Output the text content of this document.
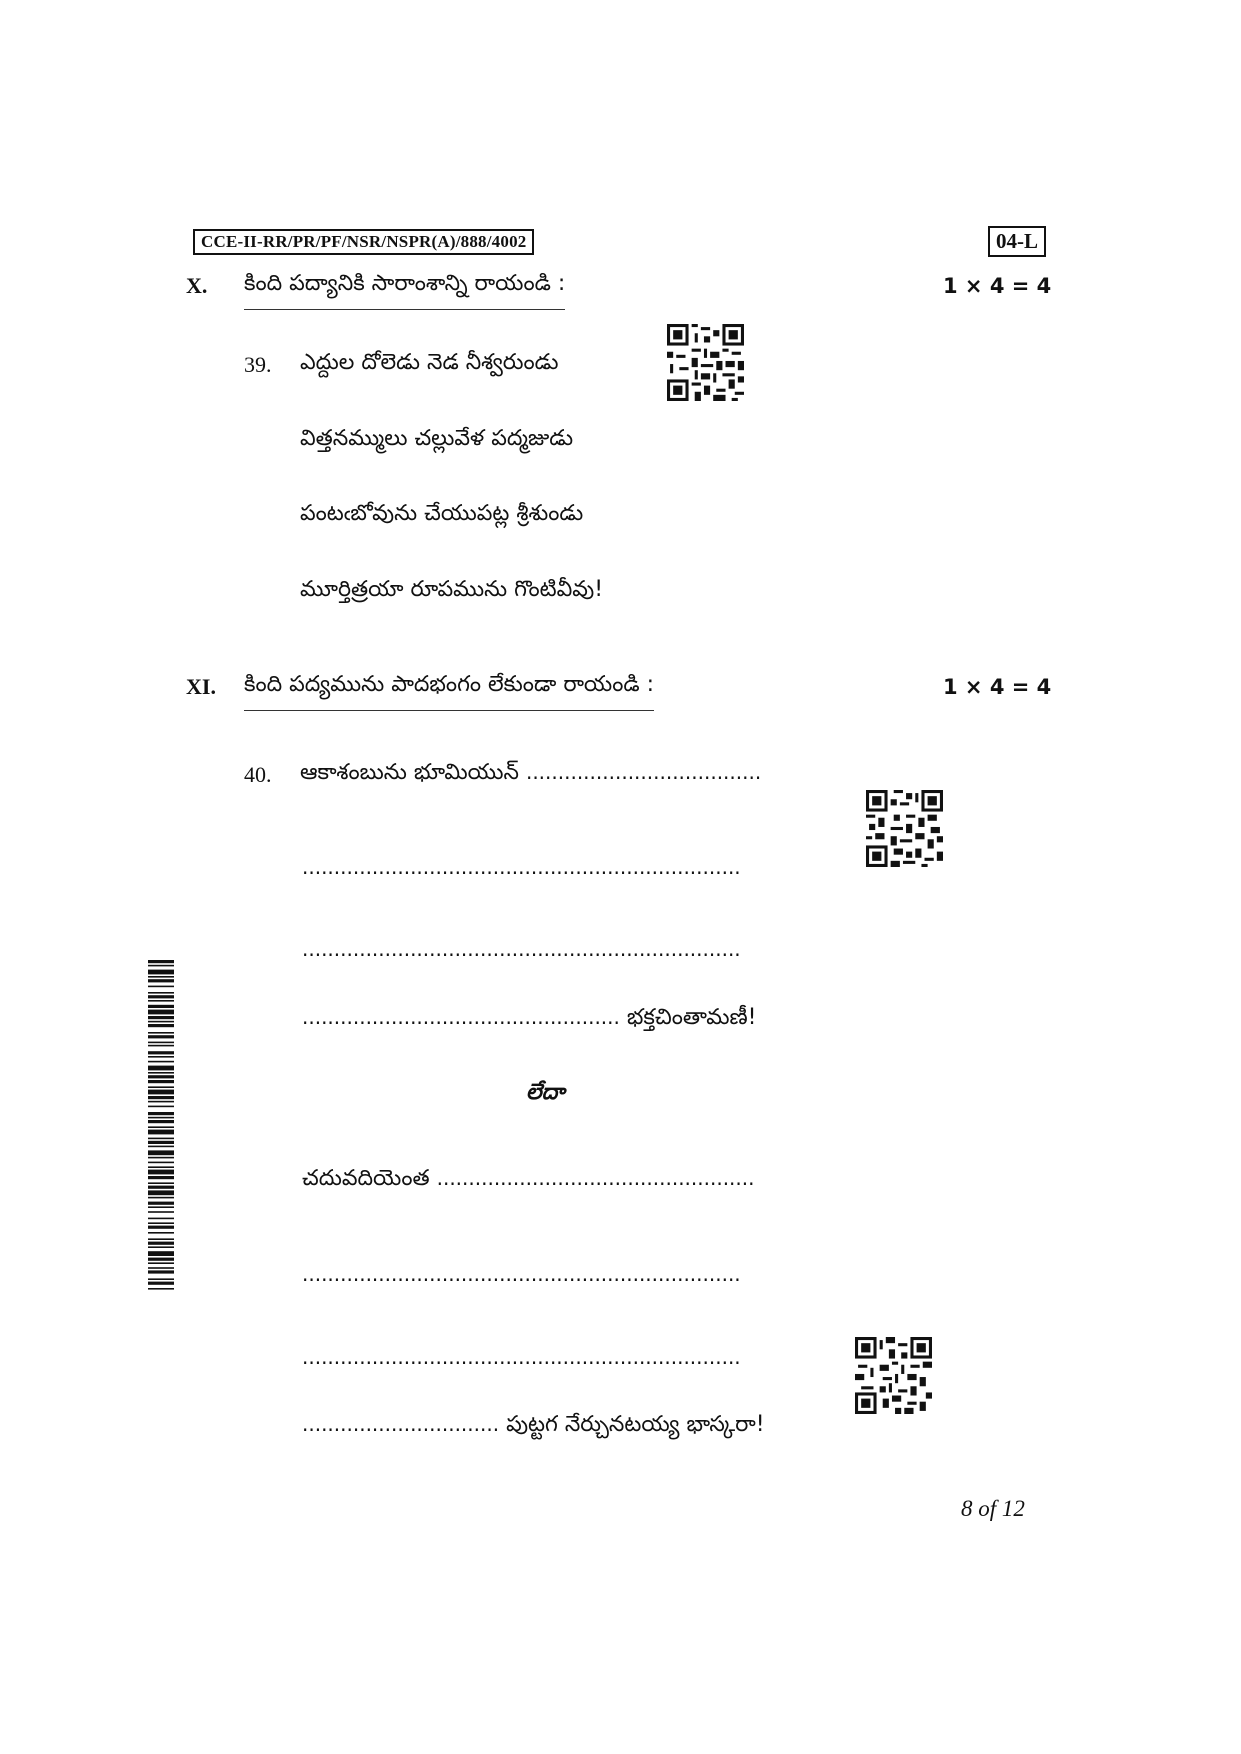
CCE-II-RR/PR/PF/NSR/NSPR(A)/888/4002	04-L
X. కింది పద్యానికి సారాంశాన్ని రాయండి :	1 × 4 = 4
39. ఎద్దుల దోలెడు నెడ నీశ్వరుండు
విత్తనమ్ములు చల్లువేళ పద్మజుడు
పంటఁబోవును చేయుపట్ల శ్రీశుండు
మూర్తిత్రయా రూపమును గొంటివీవు!
XI. కింది పద్యమును పాదభంగం లేకుండా రాయండి :	1 × 4 = 4
40. ఆకాశంబును భూమియున్ .....................................
.....................................................................
.....................................................................
.................................................. భక్తచింతామణీ!
లేదా
చదువదియెంత ..................................................
.....................................................................
.....................................................................
............................... పుట్టగ నేర్చునటయ్య భాస్కరా!
8 of 12
